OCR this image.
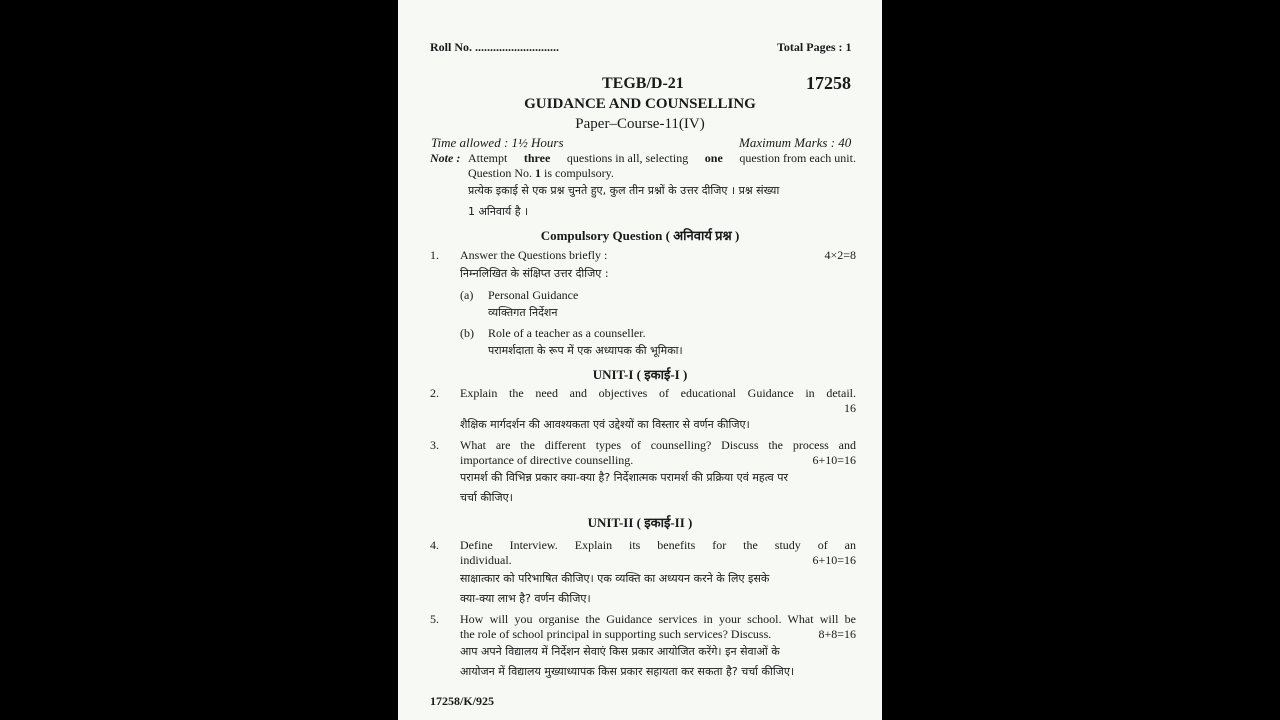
Roll No. ............................	Total Pages : 1
TEGB/D-21	17258
GUIDANCE AND COUNSELLING
Paper–Course-11(IV)
Time allowed : 1½ Hours	Maximum Marks : 40
Note : Attempt three questions in all, selecting one question from each unit.
Question No. 1 is compulsory.
प्रत्येक इकाई से एक प्रश्न चुनते हुए, कुल तीन प्रश्नों के उत्तर दीजिए । प्रश्न संख्या
1 अनिवार्य है ।
Compulsory Question ( अनिवार्य प्रश्न )
1. Answer the Questions briefly :	4×2=8
निम्नलिखित के संक्षिप्त उत्तर दीजिए :
(a) Personal Guidance
व्यक्तिगत निर्देशन
(b) Role of a teacher as a counseller.
परामर्शदाता के रूप में एक अध्यापक की भूमिका।
UNIT-I ( इकाई-I )
2. Explain the need and objectives of educational Guidance in detail.
16
शैक्षिक मार्गदर्शन की आवश्यकता एवं उद्देश्यों का विस्तार से वर्णन कीजिए।
3. What are the different types of counselling? Discuss the process and
importance of directive counselling.	6+10=16
परामर्श की विभिन्न प्रकार क्या-क्या है? निर्देशात्मक परामर्श की प्रक्रिया एवं महत्व पर
चर्चा कीजिए।
UNIT-II ( इकाई-II )
4. Define Interview. Explain its benefits for the study of an
individual.	6+10=16
साक्षात्कार को परिभाषित कीजिए। एक व्यक्ति का अध्ययन करने के लिए इसके
क्या-क्या लाभ है? वर्णन कीजिए।
5. How will you organise the Guidance services in your school. What will be
the role of school principal in supporting such services? Discuss.	8+8=16
आप अपने विद्यालय में निर्देशन सेवाएं किस प्रकार आयोजित करेंगे। इन सेवाओं के
आयोजन में विद्यालय मुख्याध्यापक किस प्रकार सहायता कर सकता है? चर्चा कीजिए।
17258/K/925
